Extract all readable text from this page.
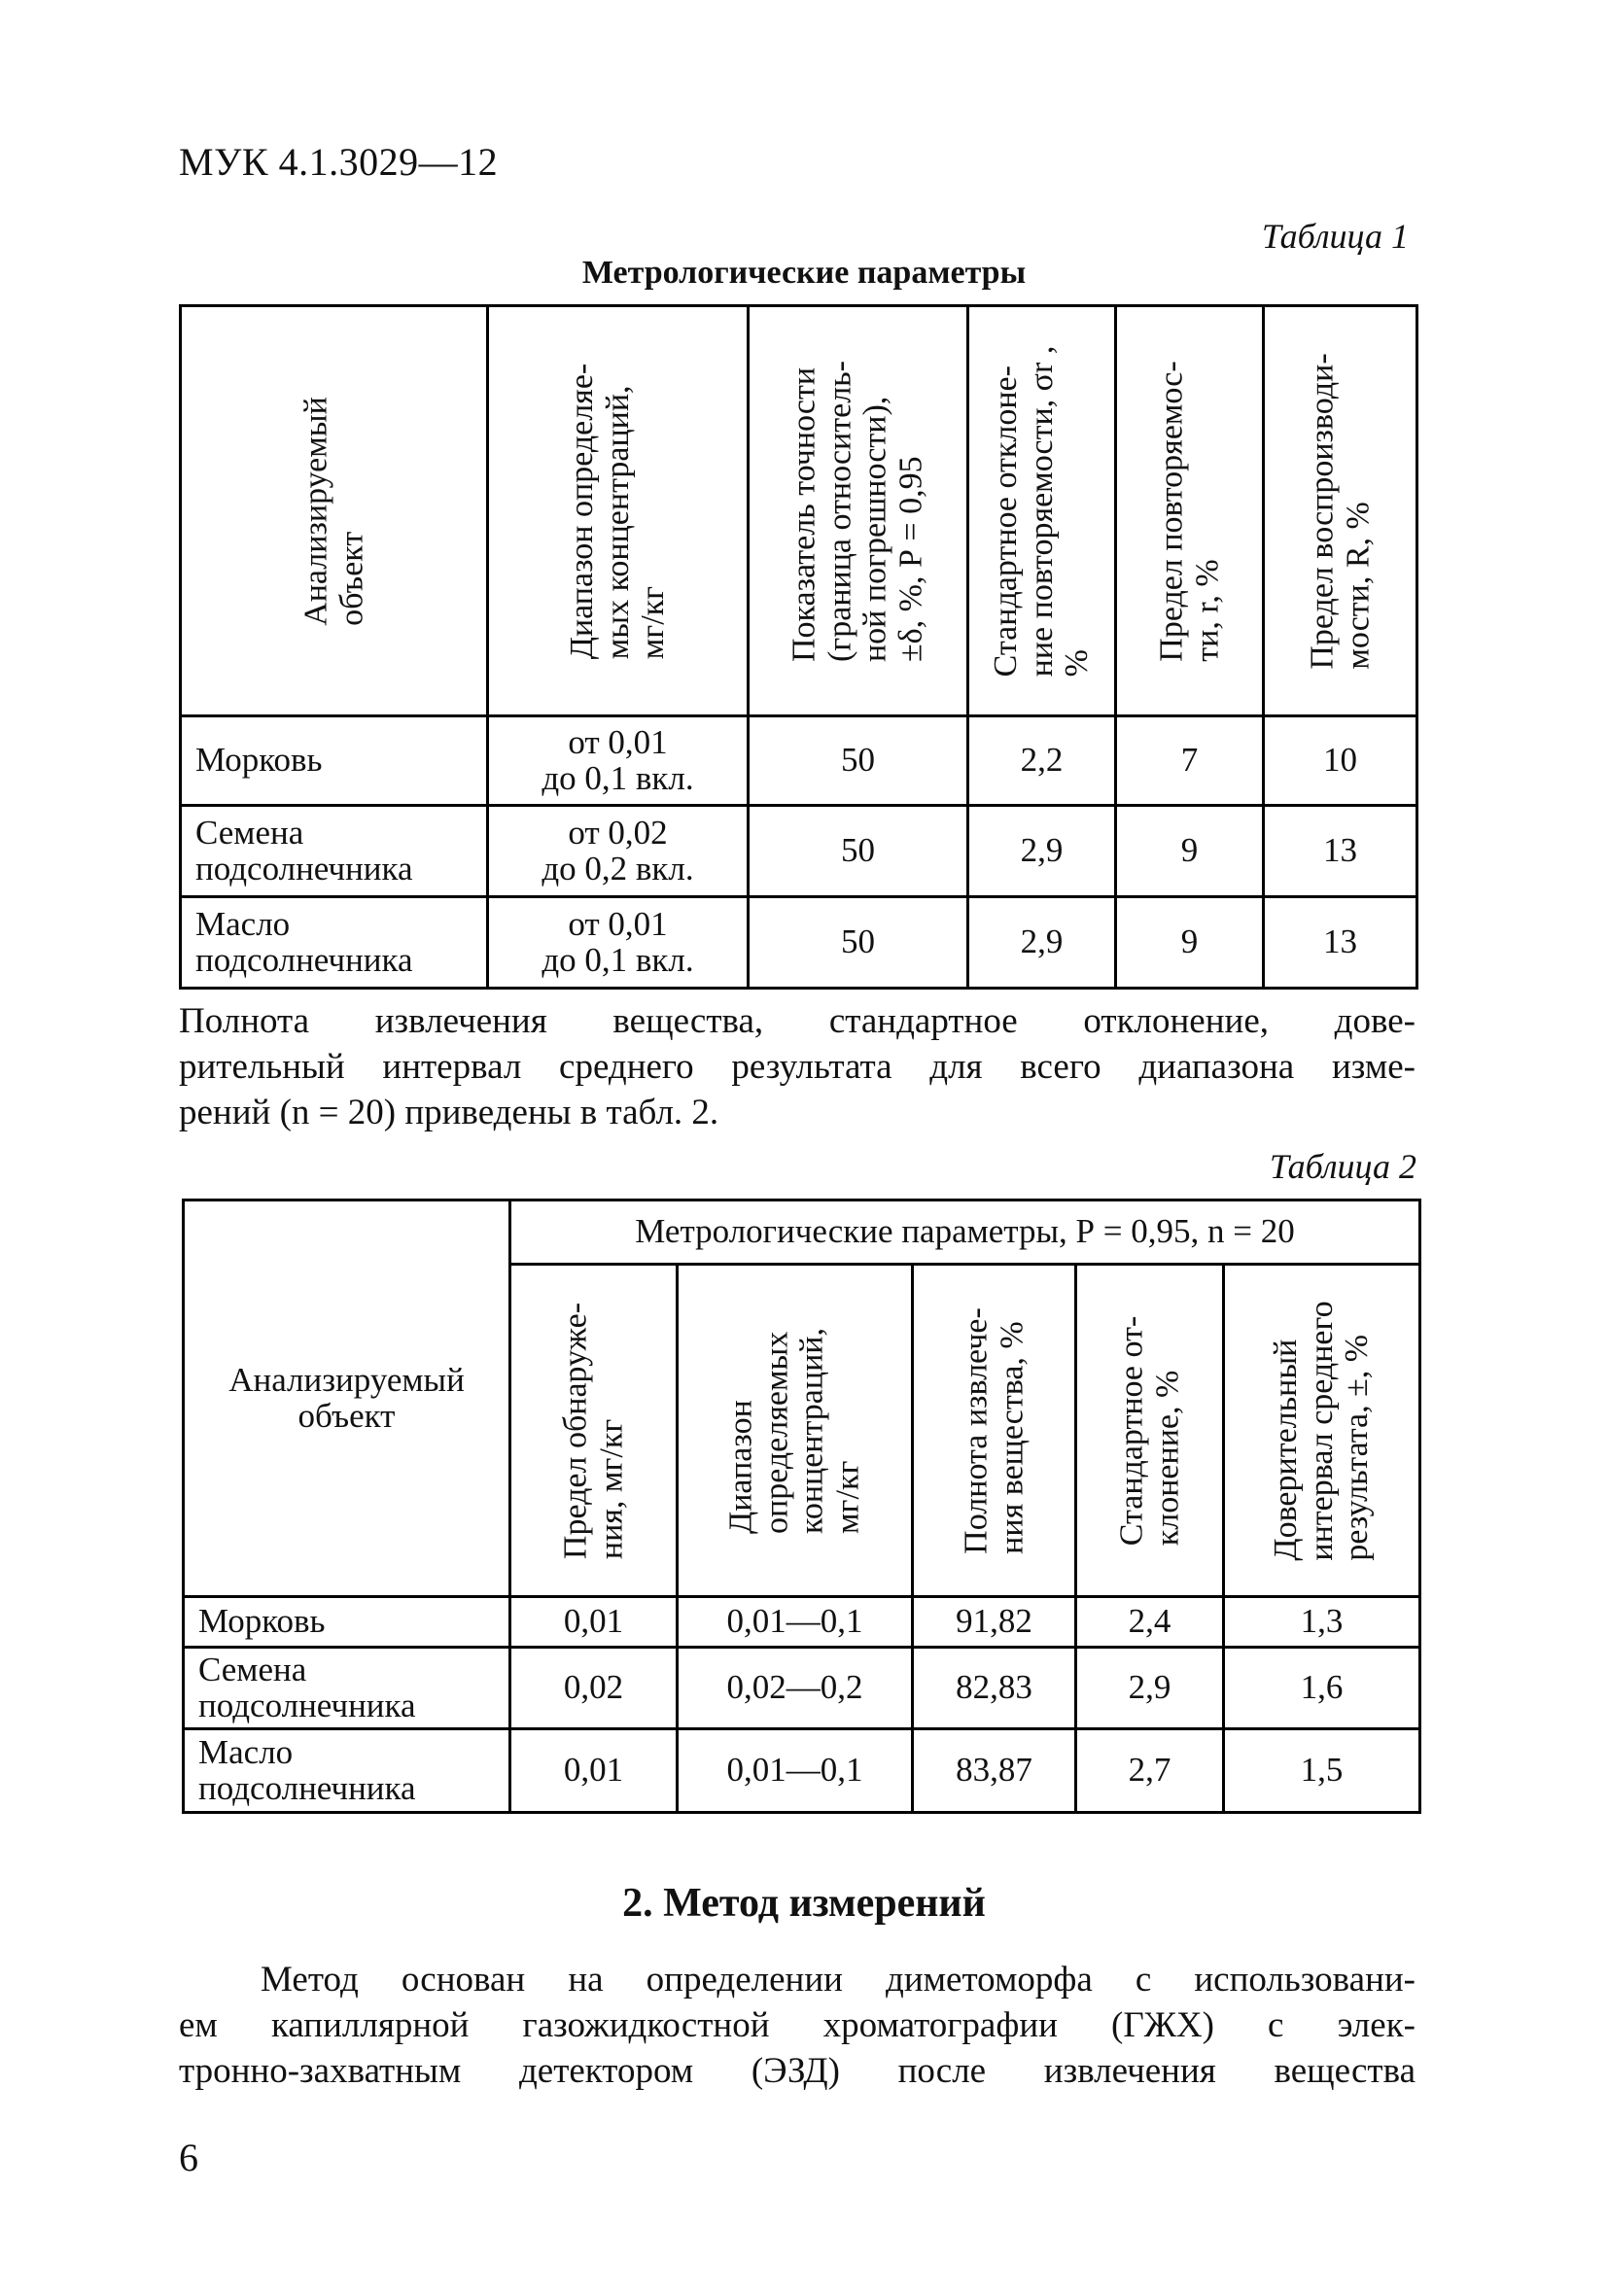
МУК 4.1.3029—12
Таблица 1
Метрологические параметры
Анализируемый
объект	Диапазон определяе-
мых концентраций,
мг/кг	Показатель точности
(граница относитель-
ной погрешности),
±δ, %, Р = 0,95	Стандартное отклоне-
ние повторяемости, σr ,
%	Предел повторяемос-
ти, r, %	Предел воспроизводи-
мости, R, %

Морковь	от 0,01
до 0,1 вкл.	50	2,2	7	10
Семена
подсолнечника	от 0,02
до 0,2 вкл.	50	2,9	9	13
Масло
подсолнечника	от 0,01
до 0,1 вкл.	50	2,9	9	13
Полнота извлечения вещества, стандартное отклонение, дове-
рительный интервал среднего результата для всего диапазона изме-
рений (n = 20) приведены в табл. 2.
Таблица 2
Анализируемый
объект	Метрологические параметры, Р = 0,95, n = 20				

	Предел обнаруже-
ния, мг/кг	Диапазон
определяемых
концентраций,
мг/кг	Полнота извлече-
ния вещества, %	Стандартное от-
клонение, %	Доверительный
интервал среднего
результата, ±, %

Морковь	0,01	0,01—0,1	91,82	2,4	1,3
Семена
подсолнечника	0,02	0,02—0,2	82,83	2,9	1,6
Масло
подсолнечника	0,01	0,01—0,1	83,87	2,7	1,5
2. Метод измерений
Метод основан на определении диметоморфа с использовани-
ем капиллярной газожидкостной хроматографии (ГЖХ) с элек-
тронно-захватным детектором (ЭЗД) после извлечения вещества
6
